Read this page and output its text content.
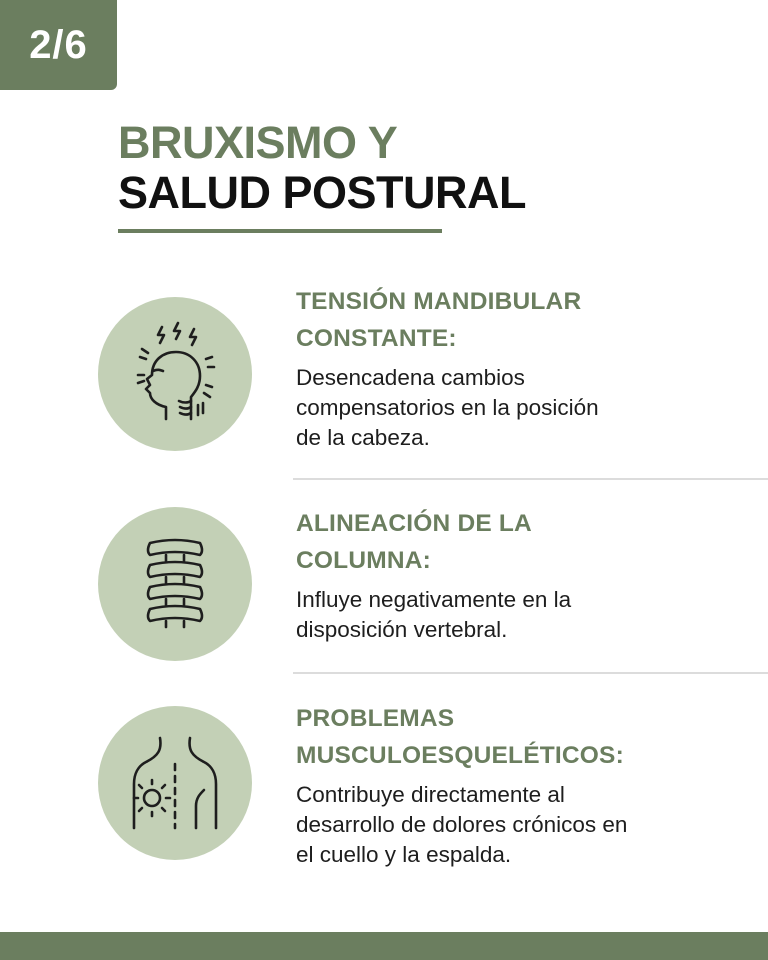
2/6
BRUXISMO Y
SALUD POSTURAL
TENSIÓN MANDIBULAR
CONSTANTE:
Desencadena cambios
compensatorios en la posición
de la cabeza.
ALINEACIÓN DE LA
COLUMNA:
Influye negativamente en la
disposición vertebral.
PROBLEMAS
MUSCULOESQUELÉTICOS:
Contribuye directamente al
desarrollo de dolores crónicos en
el cuello y la espalda.
